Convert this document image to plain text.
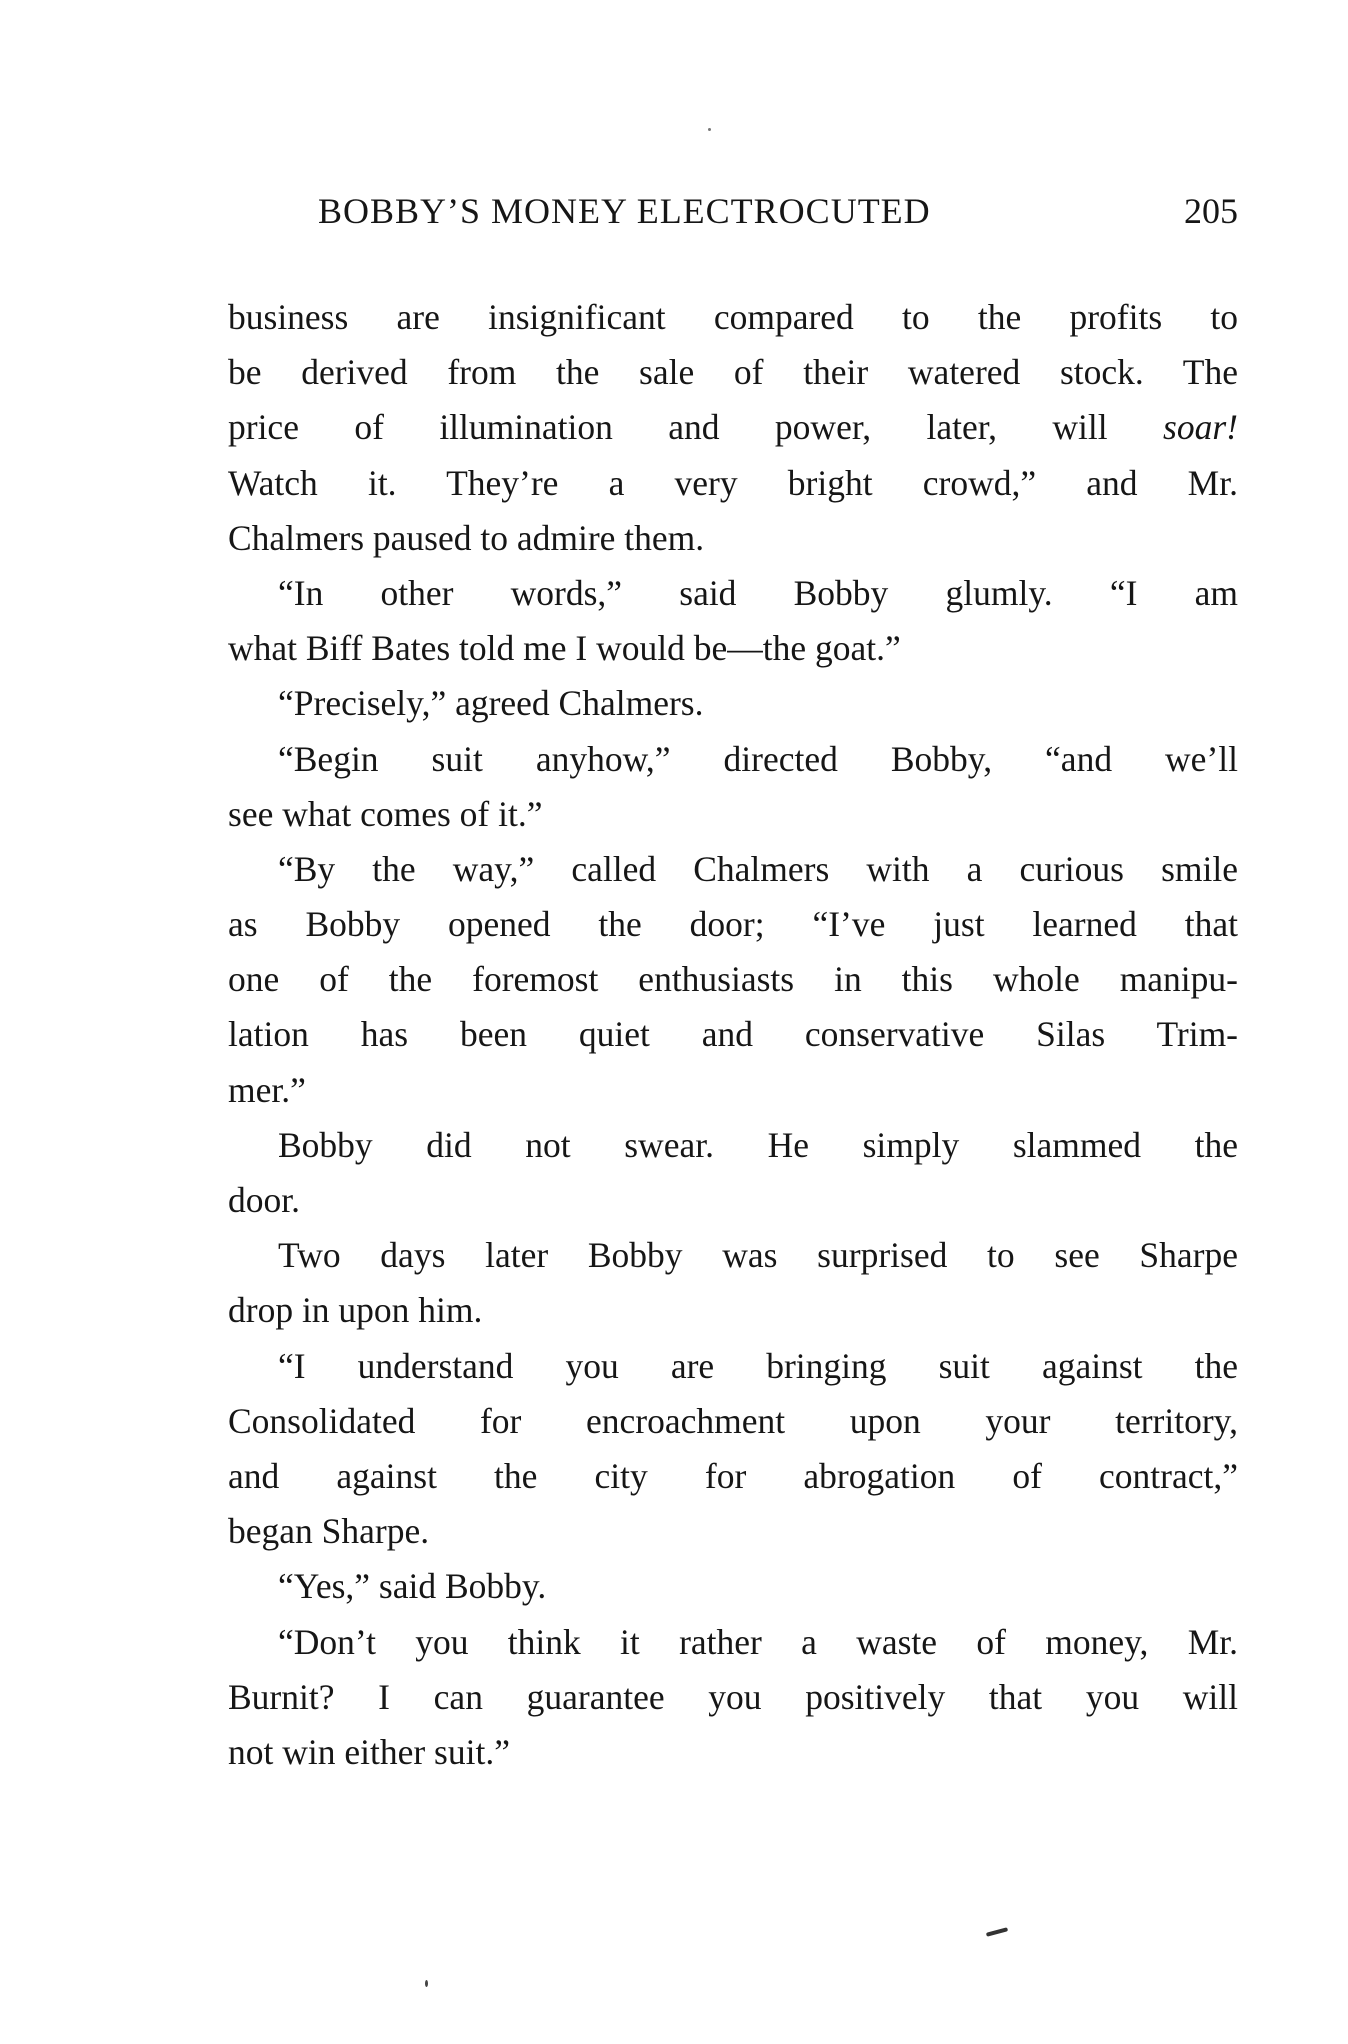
BOBBY’S MONEY ELECTROCUTED	205
business are insignificant compared to the profits to
be derived from the sale of their watered stock. The
price of illumination and power, later, will soar!
Watch it. They’re a very bright crowd,” and Mr.
Chalmers paused to admire them.
“In other words,” said Bobby glumly. “I am
what Biff Bates told me I would be—the goat.”
“Precisely,” agreed Chalmers.
“Begin suit anyhow,” directed Bobby, “and we’ll
see what comes of it.”
“By the way,” called Chalmers with a curious smile
as Bobby opened the door; “I’ve just learned that
one of the foremost enthusiasts in this whole manipu-
lation has been quiet and conservative Silas Trim-
mer.”
Bobby did not swear. He simply slammed the
door.
Two days later Bobby was surprised to see Sharpe
drop in upon him.
“I understand you are bringing suit against the
Consolidated for encroachment upon your territory,
and against the city for abrogation of contract,”
began Sharpe.
“Yes,” said Bobby.
“Don’t you think it rather a waste of money, Mr.
Burnit? I can guarantee you positively that you will
not win either suit.”
